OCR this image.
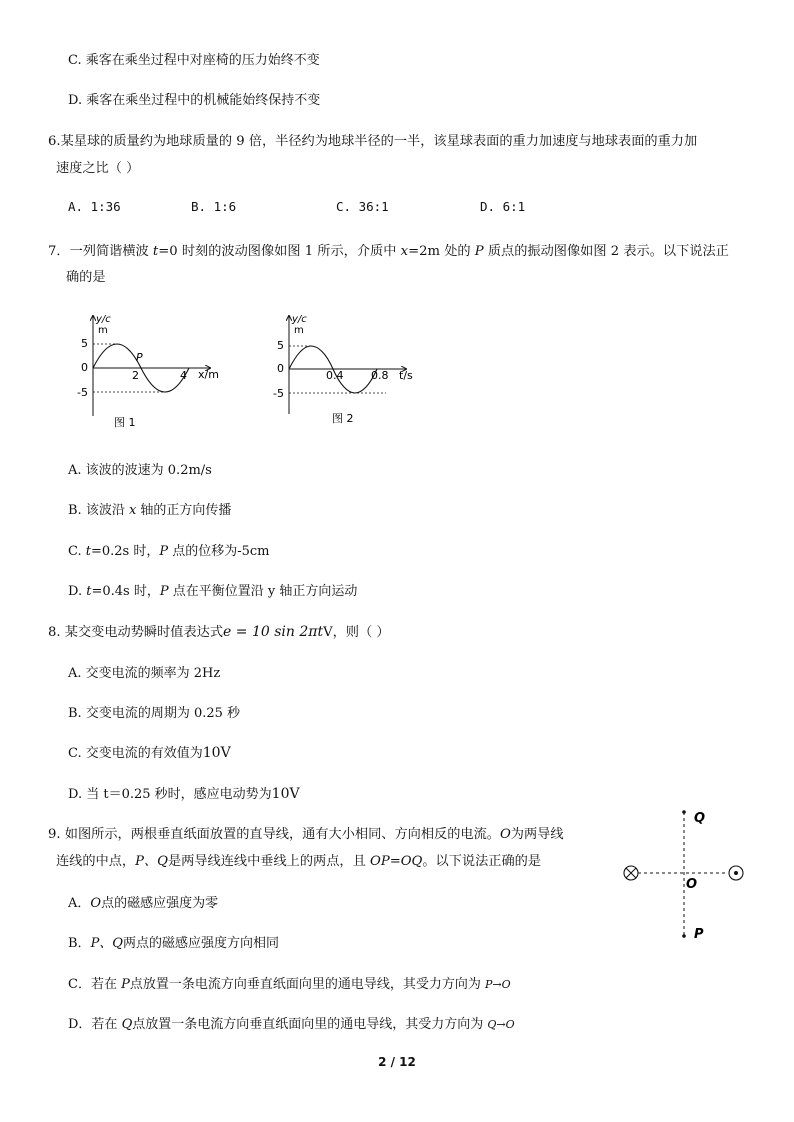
C. 乘客在乘坐过程中对座椅的压力始终不变
D. 乘客在乘坐过程中的机械能始终保持不变
6.某星球的质量约为地球质量的 9 倍，半径约为地球半径的一半，该星球表面的重力加速度与地球表面的重力加
速度之比（ ）
A. 1:36	B. 1:6	C. 36:1	D. 6:1
7．一列简谐横波 t=0 时刻的波动图像如图 1 所示，介质中 x=2m 处的 P 质点的振动图像如图 2 表示。以下说法正
确的是
y/c
m
5
0
-5
P
2	4 x/m
图 1
y/c
m
5
0
-5
0.4	0.8 t/s
图 2
A. 该波的波速为 0.2m/s
B. 该波沿 x 轴的正方向传播
C. t=0.2s 时，P 点的位移为-5cm
D. t=0.4s 时，P 点在平衡位置沿 y 轴正方向运动
8. 某交变电动势瞬时值表达式e = 10 sin 2πtV，则（ ）
A. 交变电流的频率为 2Hz
B. 交变电流的周期为 0.25 秒
C. 交变电流的有效值为10V
D. 当 t＝0.25 秒时，感应电动势为10V
9. 如图所示，两根垂直纸面放置的直导线，通有大小相同、方向相反的电流。O为两导线
连线的中点，P、Q是两导线连线中垂线上的两点，且 OP=OQ。以下说法正确的是
A．O点的磁感应强度为零
B．P、Q两点的磁感应强度方向相同
C．若在 P点放置一条电流方向垂直纸面向里的通电导线，其受力方向为 P→O
D．若在 Q点放置一条电流方向垂直纸面向里的通电导线，其受力方向为 Q→O
Q
O
P
2 / 12
